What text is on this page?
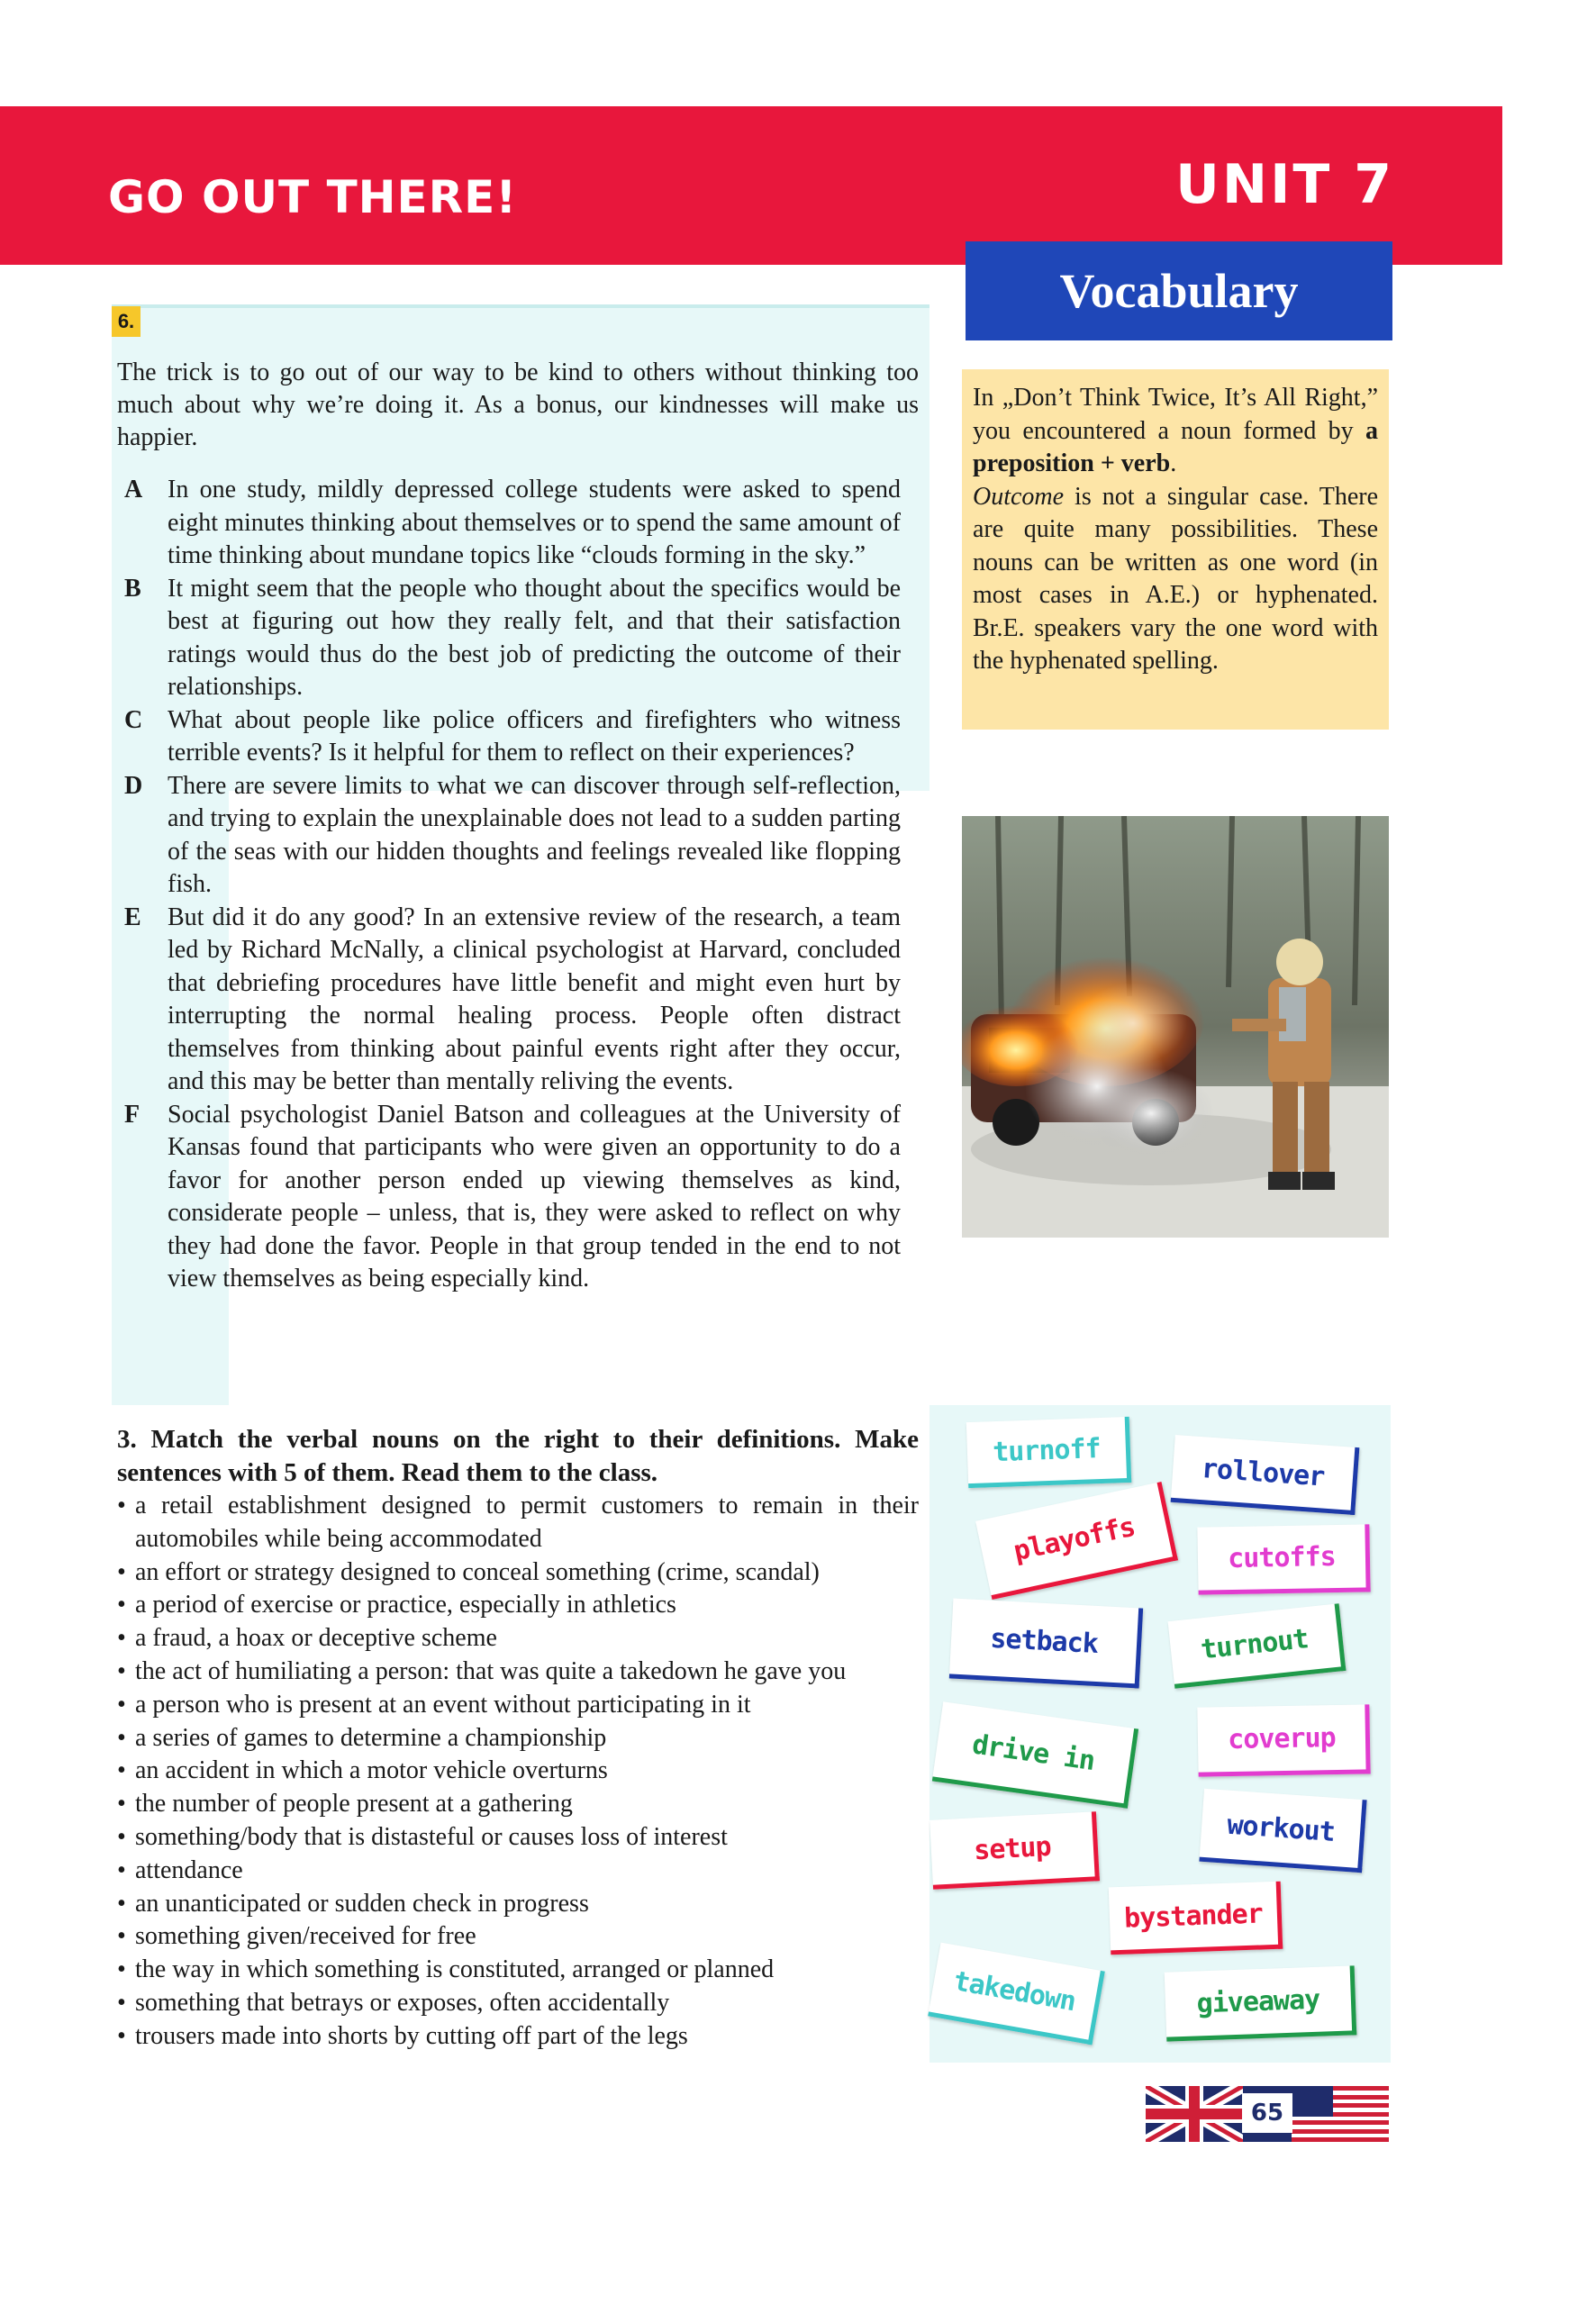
GO OUT THERE!	UNIT 7
Vocabulary
6.
The trick is to go out of our way to be kind to others without thinking too much about why we’re doing it. As a bonus, our kindnesses will make us happier.
A In one study, mildly depressed college students were asked to spend eight minutes thinking about themselves or to spend the same amount of time thinking about mundane topics like “clouds forming in the sky.”
B It might seem that the people who thought about the specifics would be best at figuring out how they really felt, and that their satisfaction ratings would thus do the best job of predicting the outcome of their relationships.
C What about people like police officers and firefighters who witness terrible events? Is it helpful for them to reflect on their experiences?
D There are severe limits to what we can discover through self-reflection, and trying to explain the unexplainable does not lead to a sudden parting of the seas with our hidden thoughts and feelings revealed like flopping fish.
E But did it do any good? In an extensive review of the research, a team led by Richard McNally, a clinical psychologist at Harvard, concluded that debriefing procedures have little benefit and might even hurt by interrupting the normal healing process. People often distract themselves from thinking about painful events right after they occur, and this may be better than mentally reliving the events.
F Social psychologist Daniel Batson and colleagues at the University of Kansas found that participants who were given an opportunity to do a favor for another person ended up viewing themselves as kind, considerate people – unless, that is, they were asked to reflect on why they had done the favor. People in that group tended in the end to not view themselves as being especially kind.
In „Don’t Think Twice, It’s All Right,” you encountered a noun formed by a preposition + verb.
Outcome is not a singular case. There are quite many possibilities. These nouns can be written as one word (in most cases in A.E.) or hyphenated. Br.E. speakers vary the one word with the hyphenated spelling.
3. Match the verbal nouns on the right to their definitions. Make sentences with 5 of them. Read them to the class.
• a retail establishment designed to permit customers to remain in their automobiles while being accommodated
• an effort or strategy designed to conceal something (crime, scandal)
• a period of exercise or practice, especially in athletics
• a fraud, a hoax or deceptive scheme
• the act of humiliating a person: that was quite a takedown he gave you
• a person who is present at an event without participating in it
• a series of games to determine a championship
• an accident in which a motor vehicle overturns
• the number of people present at a gathering
• something/body that is distasteful or causes loss of interest
• attendance
• an unanticipated or sudden check in progress
• something given/received for free
• the way in which something is constituted, arranged or planned
• something that betrays or exposes, often accidentally
• trousers made into shorts by cutting off part of the legs
turnoff
rollover
playoffs	cutoffs
setback	turnout
drive in	coverup
workout
setup
bystander
takedown	giveaway
65
